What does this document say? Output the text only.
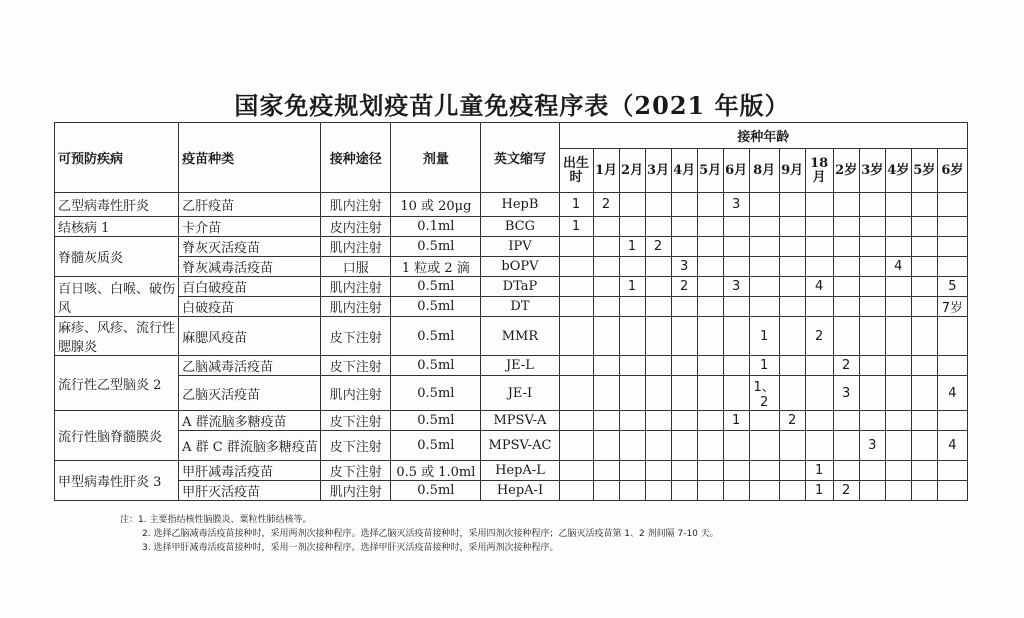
国家免疫规划疫苗儿童免疫程序表（2021 年版）
可预防疾病	疫苗种类	接种途径	剂量	英文缩写	接种年龄														
					出生时	1月	2月	3月	4月	5月	6月	8月	9月	18月	2岁	3岁	4岁	5岁	6岁
乙型病毒性肝炎	乙肝疫苗	肌内注射	10 或 20μg	HepB	1	2					3								
结核病 1	卡介苗	皮内注射	0.1ml	BCG	1														
脊髓灰质炎	脊灰灭活疫苗	肌内注射	0.5ml	IPV			1	2											
	脊灰减毒活疫苗	口服	1 粒或 2 滴	bOPV					3								4		
百日咳、白喉、破伤风	百白破疫苗	肌内注射	0.5ml	DTaP			1		2		3			4					5
	白破疫苗	肌内注射	0.5ml	DT															7岁
麻疹、风疹、流行性腮腺炎	麻腮风疫苗	皮下注射	0.5ml	MMR								1		2					
流行性乙型脑炎 2	乙脑减毒活疫苗	皮下注射	0.5ml	JE-L								1			2				
	乙脑灭活疫苗	肌内注射	0.5ml	JE-I								1、2			3				4
流行性脑脊髓膜炎	A 群流脑多糖疫苗	皮下注射	0.5ml	MPSV-A							1		2						
	A 群 C 群流脑多糖疫苗	皮下注射	0.5ml	MPSV-AC												3			4
甲型病毒性肝炎 3	甲肝减毒活疫苗	皮下注射	0.5 或 1.0ml	HepA-L										1					
	甲肝灭活疫苗	肌内注射	0.5ml	HepA-I										1	2				
注：1. 主要指结核性脑膜炎、粟粒性肺结核等。
2. 选择乙脑减毒活疫苗接种时，采用两剂次接种程序。选择乙脑灭活疫苗接种时，采用四剂次接种程序；乙脑灭活疫苗第 1、2 剂间隔 7-10 天。
3. 选择甲肝减毒活疫苗接种时，采用一剂次接种程序。选择甲肝灭活疫苗接种时，采用两剂次接种程序。
